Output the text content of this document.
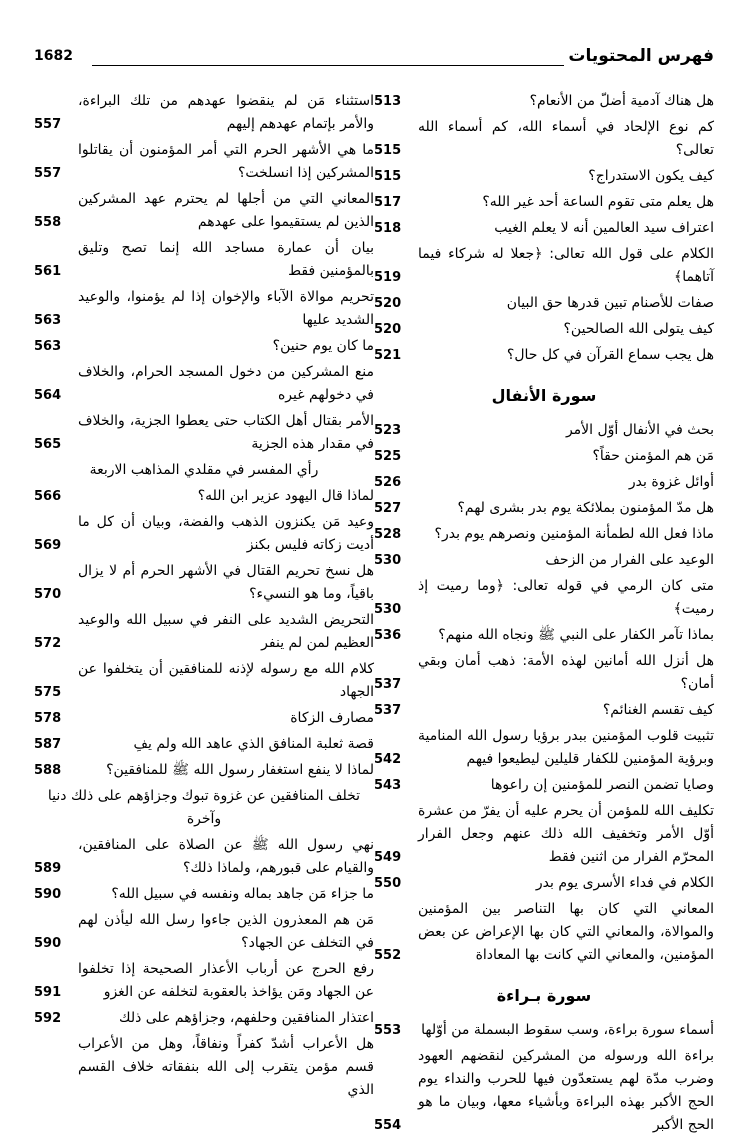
فهرس المحتويات
1682
هل هناك آدمية أضلّ من الأنعام؟
513
كم نوع الإلحاد في أسماء الله، كم أسماء الله تعالى؟
515
كيف يكون الاستدراج؟
515
هل يعلم متى تقوم الساعة أحد غير الله؟
517
اعتراف سيد العالمين أنه لا يعلم الغيب
518
الكلام على قول الله تعالى: ﴿جعلا له شركاء فيما آتاهما﴾
519
صفات للأصنام تبين قدرها حق البيان
520
كيف يتولى الله الصالحين؟
520
هل يجب سماع القرآن في كل حال؟
521
سورة الأنفال
بحث في الأنفال أوّل الأمر
523
مَن هم المؤمنن حقاً؟
525
أوائل غزوة بدر
526
هل مدّ المؤمنون بملائكة يوم بدر بشرى لهم؟
527
ماذا فعل الله لطمأنة المؤمنين ونصرهم يوم بدر؟
528
الوعيد على الفرار من الزحف
530
متى كان الرمي في قوله تعالى: ﴿وما رميت إذ رميت﴾
530
بماذا تآمر الكفار على النبي ﷺ ونجاه الله منهم؟
536
هل أنزل الله أمانين لهذه الأمة: ذهب أمان وبقي أمان؟
537
كيف تقسم الغنائم؟
537
تثبيت قلوب المؤمنين ببدر برؤيا رسول الله المنامية وبرؤية المؤمنين للكفار قليلين ليطيعوا فيهم
542
وصايا تضمن النصر للمؤمنين إن راعوها
543
تكليف الله للمؤمن أن يحرم عليه أن يفرّ من عشرة أوّل الأمر وتخفيف الله ذلك عنهم وجعل الفرار المحرّم الفرار من اثنين فقط
549
الكلام في فداء الأسرى يوم بدر
550
المعاني التي كان بها التناصر بين المؤمنين والموالاة، والمعاني التي كان بها الإعراض عن بعض المؤمنين، والمعاني التي كانت بها المعاداة
552
سورة بـراءة
أسماء سورة براءة، وسب سقوط البسملة من أوّلها
553
براءة الله ورسوله من المشركين لنقضهم العهود وضرب مدّة لهم يستعدّون فيها للحرب والنداء يوم الحج الأكبر بهذه البراءة وبأشياء معها، وبيان ما هو الحج الأكبر
554
استثناء مَن لم ينقضوا عهدهم من تلك البراءة، والأمر بإتمام عهدهم إليهم
557
ما هي الأشهر الحرم التي أمر المؤمنون أن يقاتلوا المشركين إذا انسلخت؟
557
المعاني التي من أجلها لم يحترم عهد المشركين الذين لم يستقيموا على عهدهم
558
بيان أن عمارة مساجد الله إنما تصح وتليق بالمؤمنين فقط
561
تحريم موالاة الآباء والإخوان إذا لم يؤمنوا، والوعيد الشديد عليها
563
ما كان يوم حنين؟
563
منع المشركين من دخول المسجد الحرام، والخلاف في دخولهم غيره
564
الأمر بقتال أهل الكتاب حتى يعطوا الجزية، والخلاف في مقدار هذه الجزية
565
رأي المفسر في مقلدي المذاهب الاربعة
لماذا قال اليهود عزير ابن الله؟
566
وعيد مَن يكنزون الذهب والفضة، وبيان أن كل ما أديت زكاته فليس بكنز
569
هل نسخ تحريم القتال في الأشهر الحرم أم لا يزال باقياً، وما هو النسيء؟
570
التحريض الشديد على النفر في سبيل الله والوعيد العظيم لمن لم ينفر
572
كلام الله مع رسوله لإذنه للمنافقين أن يتخلفوا عن الجهاد
575
مصارف الزكاة
578
قصة ثعلبة المنافق الذي عاهد الله ولم يفِ
587
لماذا لا ينفع استغفار رسول الله ﷺ للمنافقين؟
588
تخلف المنافقين عن غزوة تبوك وجزاؤهم على ذلك دنيا وآخرة
نهي رسول الله ﷺ عن الصلاة على المنافقين، والقيام على قبورهم، ولماذا ذلك؟
589
ما جزاء مَن جاهد بماله ونفسه في سبيل الله؟
590
مَن هم المعذرون الذين جاءوا رسل الله ليأذن لهم في التخلف عن الجهاد؟
590
رفع الحرج عن أرباب الأعذار الصحيحة إذا تخلفوا عن الجهاد ومَن يؤاخذ بالعقوبة لتخلفه عن الغزو
591
اعتذار المنافقين وحلفهم، وجزاؤهم على ذلك
592
هل الأعراب أشدّ كفراً ونفاقاً، وهل من الأعراب قسم مؤمن يتقرب إلى الله بنفقاته خلاف القسم الذي
